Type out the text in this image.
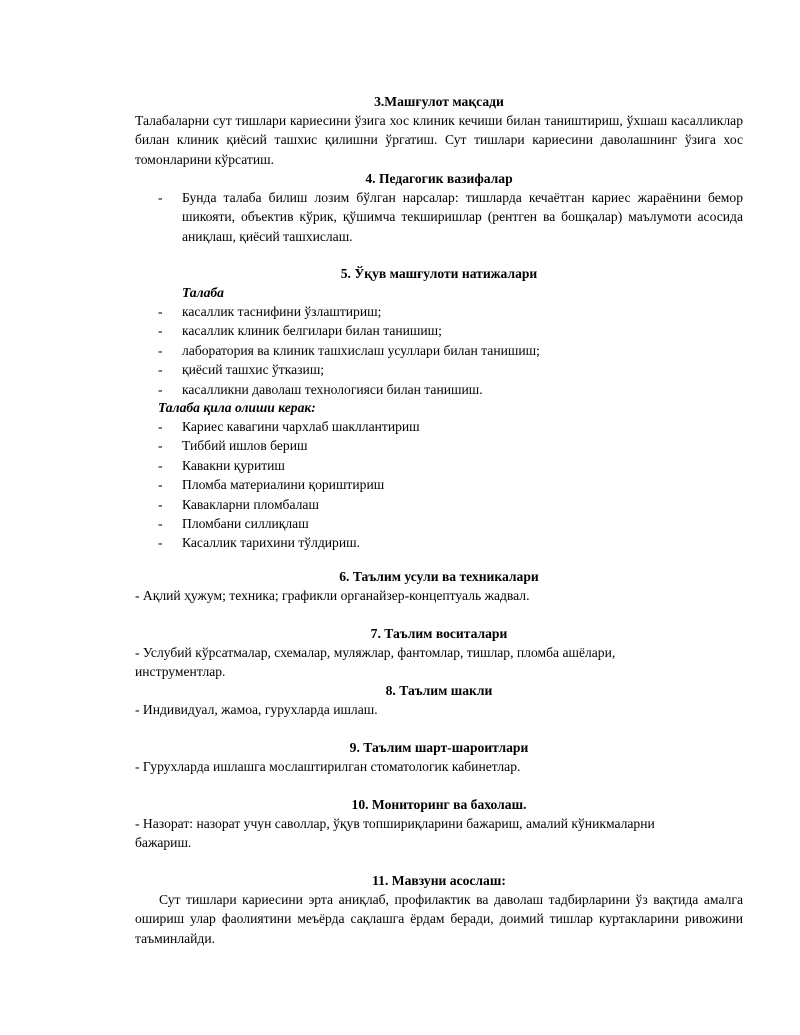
3.Машғулот мақсади

Талабаларни сут тишлари кариесини ўзига хос клиник кечиши билан таништириш, ўхшаш касалликлар билан клиник қиёсий ташхис қилишни ўргатиш. Сут тишлари кариесини даволашнинг ўзига хос томонларини кўрсатиш.

4. Педагогик вазифалар

- Бунда талаба билиш лозим бўлган нарсалар: тишларда кечаётган кариес жараёнини бемор шикояти, объектив кўрик, қўшимча текширишлар (рентген ва бошқалар) маълумоти асосида аниқлаш, қиёсий ташхислаш.

5. Ўқув машғулоти натижалари

Талаба

- касаллик таснифини ўзлаштириш;
- касаллик клиник белгилари билан танишиш;
- лаборатория ва клиник ташхислаш усуллари билан танишиш;
- қиёсий ташхис ўтказиш;
- касалликни даволаш технологияси билан танишиш.

Талаба қила олиши керак:

- Кариес кавагини чархлаб шакллантириш
- Тиббий ишлов бериш
- Кавакни қуритиш
- Пломба материалини қориштириш
- Кавакларни пломбалаш
- Пломбани силлиқлаш
- Касаллик тарихини тўлдириш.

6. Таълим усули ва техникалари

- Ақлий ҳужум; техника; графикли органайзер-концептуаль жадвал.

7. Таълим воситалари

- Услубий кўрсатмалар, схемалар, муляжлар, фантомлар, тишлар, пломба ашёлари, инструментлар.

8. Таълим шакли

- Индивидуал, жамоа, гурухларда ишлаш.

9. Таълим шарт-шароитлари

- Гурухларда ишлашга мослаштирилган стоматологик кабинетлар.

10. Мониторинг ва бахолаш.

- Назорат: назорат учун саволлар, ўқув топшириқларини бажариш, амалий кўникмаларни бажариш.

11. Мавзуни асослаш:

Сут тишлари кариесини эрта аниқлаб, профилактик ва даволаш тадбирларини ўз вақтида амалга ошириш улар фаолиятини меъёрда сақлашга ёрдам беради, доимий тишлар куртакларини ривожини таъминлайди.
